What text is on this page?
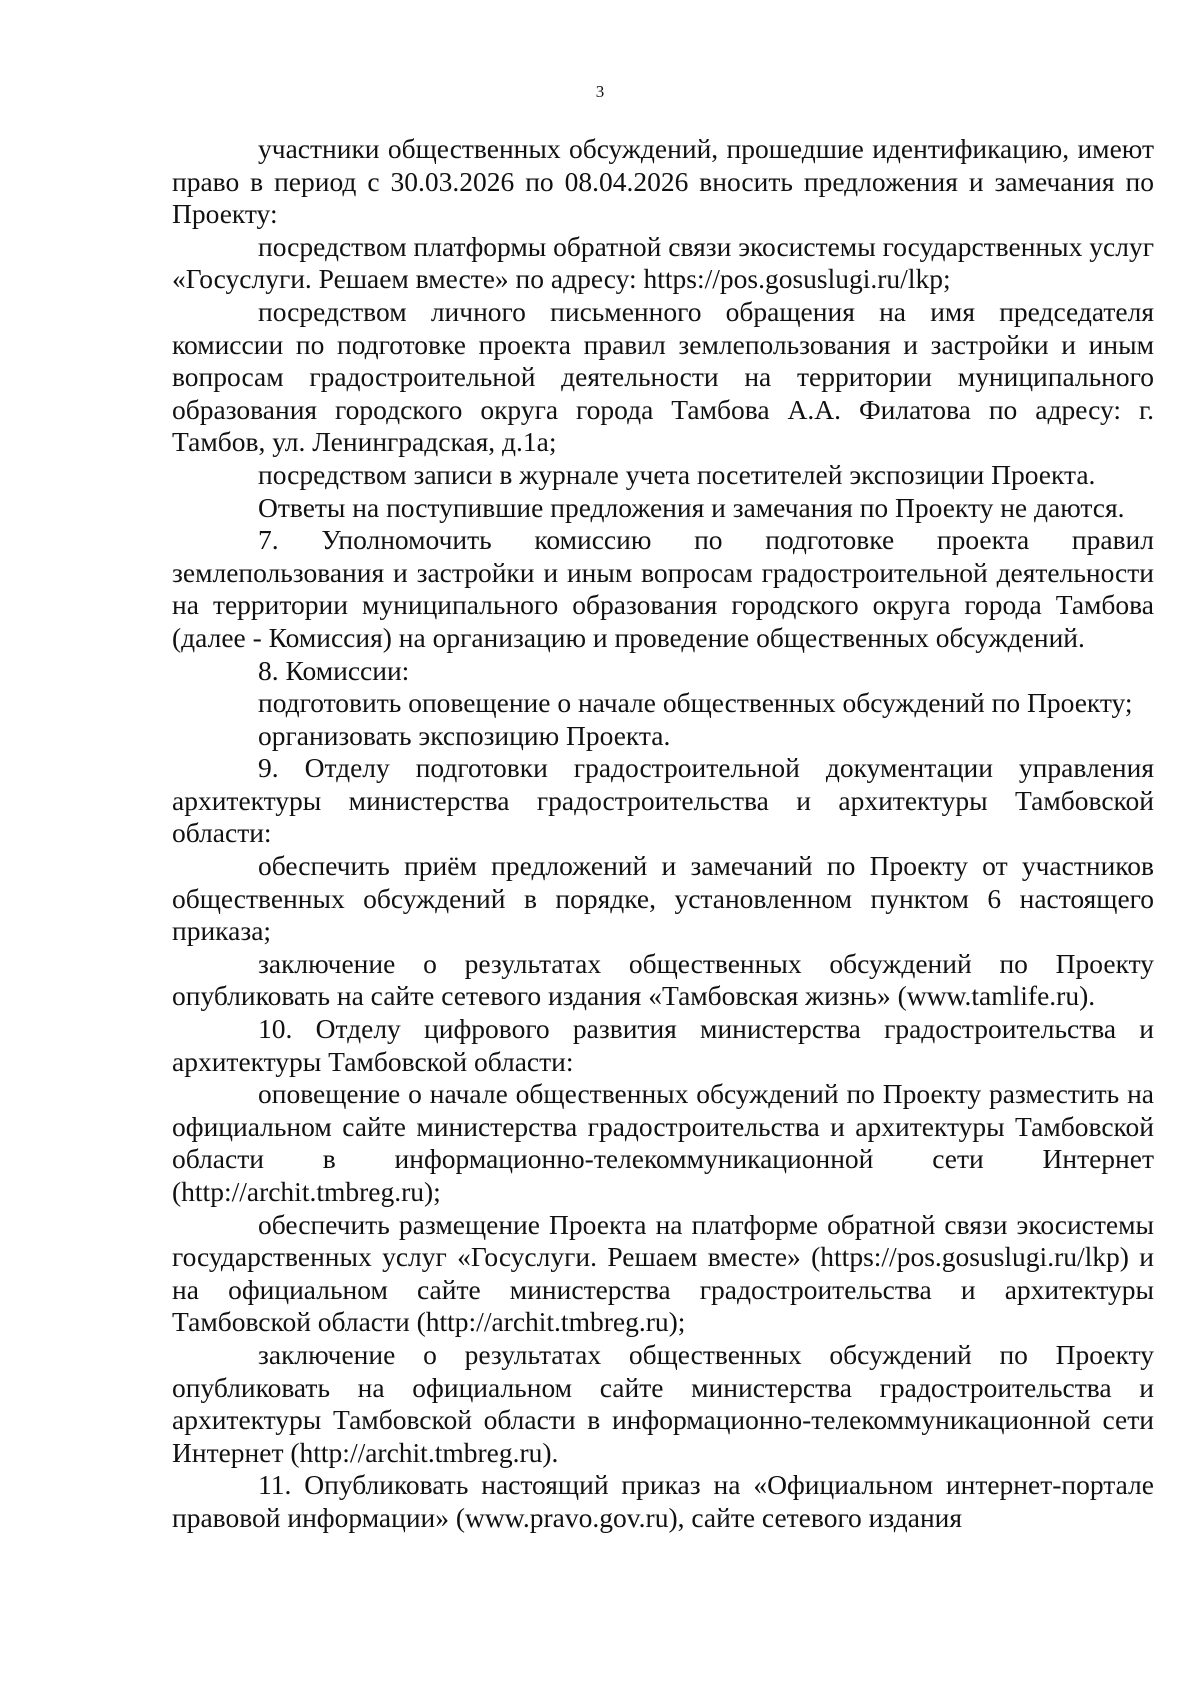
3

участники общественных обсуждений, прошедшие идентификацию, имеют право в период с 30.03.2026 по 08.04.2026 вносить предложения и замечания по Проекту:

посредством платформы обратной связи экосистемы государственных услуг «Госуслуги. Решаем вместе» по адресу: https://pos.gosuslugi.ru/lkp;

посредством личного письменного обращения на имя председателя комиссии по подготовке проекта правил землепользования и застройки и иным вопросам градостроительной деятельности на территории муниципального образования городского округа города Тамбова А.А. Филатова по адресу: г. Тамбов, ул. Ленинградская, д.1а;

посредством записи в журнале учета посетителей экспозиции Проекта.

Ответы на поступившие предложения и замечания по Проекту не даются.

7. Уполномочить комиссию по подготовке проекта правил землепользования и застройки и иным вопросам градостроительной деятельности на территории муниципального образования городского округа города Тамбова (далее - Комиссия) на организацию и проведение общественных обсуждений.

8. Комиссии:

подготовить оповещение о начале общественных обсуждений по Проекту;

организовать экспозицию Проекта.

9. Отделу подготовки градостроительной документации управления архитектуры министерства градостроительства и архитектуры Тамбовской области:

обеспечить приём предложений и замечаний по Проекту от участников общественных обсуждений в порядке, установленном пунктом 6 настоящего приказа;

заключение о результатах общественных обсуждений по Проекту опубликовать на сайте сетевого издания «Тамбовская жизнь» (www.tamlife.ru).

10. Отделу цифрового развития министерства градостроительства и архитектуры Тамбовской области:

оповещение о начале общественных обсуждений по Проекту разместить на официальном сайте министерства градостроительства и архитектуры Тамбовской области в информационно-телекоммуникационной сети Интернет (http://archit.tmbreg.ru);

обеспечить размещение Проекта на платформе обратной связи экосистемы государственных услуг «Госуслуги. Решаем вместе» (https://pos.gosuslugi.ru/lkp) и на официальном сайте министерства градостроительства и архитектуры Тамбовской области (http://archit.tmbreg.ru);

заключение о результатах общественных обсуждений по Проекту опубликовать на официальном сайте министерства градостроительства и архитектуры Тамбовской области в информационно-телекоммуникационной сети Интернет (http://archit.tmbreg.ru).

11. Опубликовать настоящий приказ на «Официальном интернет-портале правовой информации» (www.pravo.gov.ru), сайте сетевого издания
